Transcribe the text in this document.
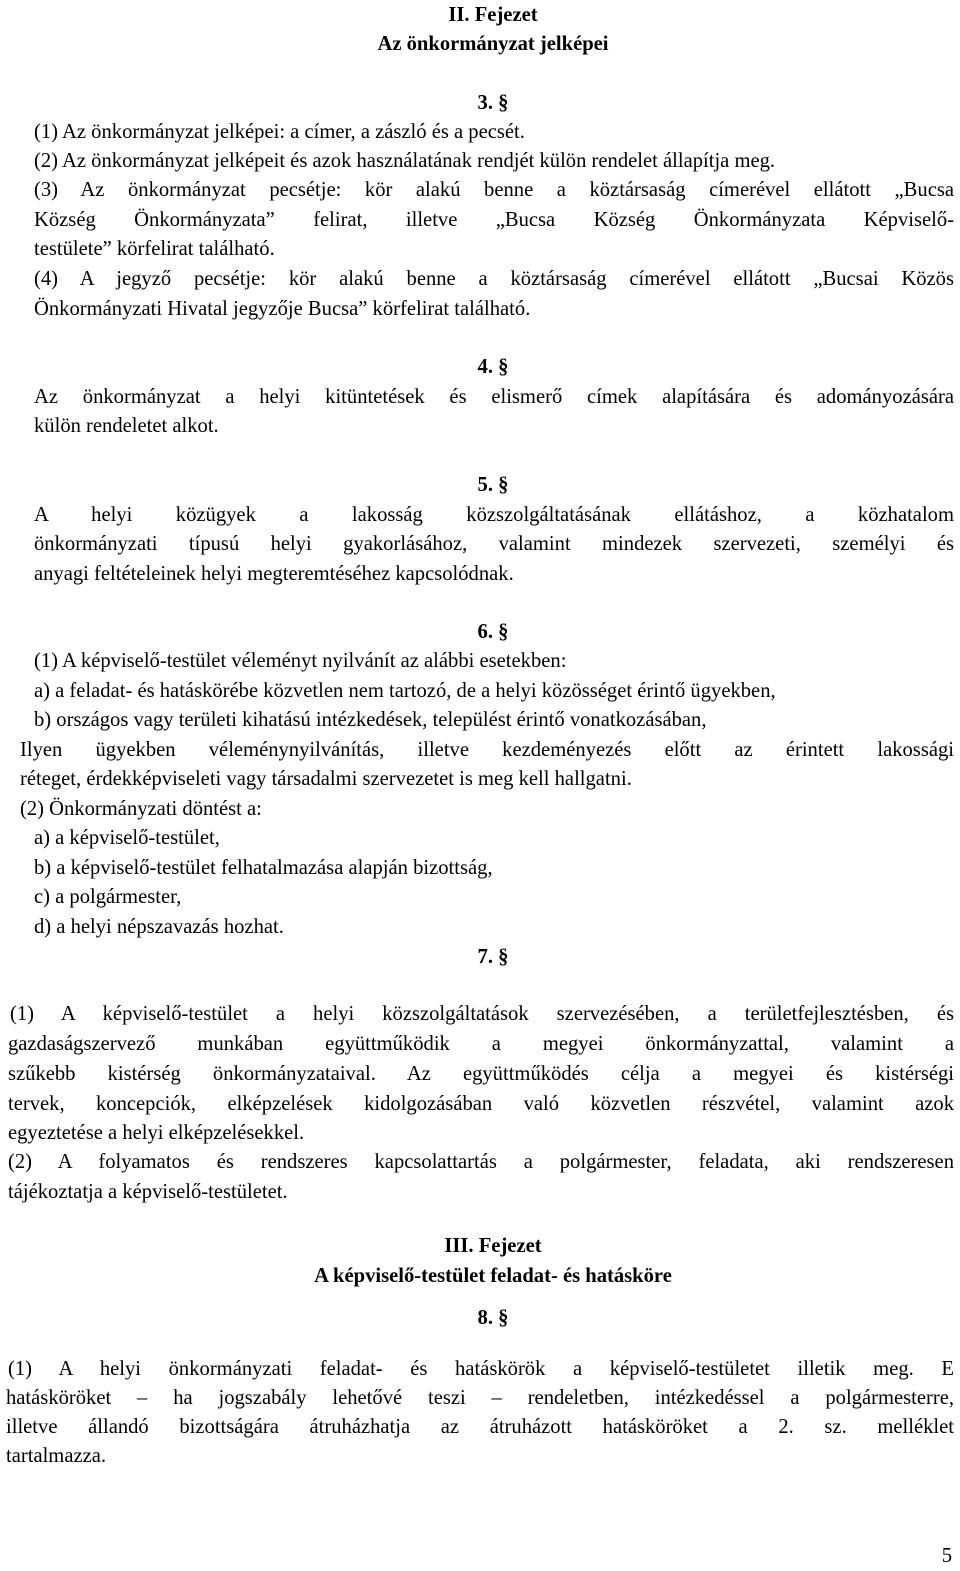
II. Fejezet
Az önkormányzat jelképei
3. §
(1) Az önkormányzat jelképei: a címer, a zászló és a pecsét.
(2) Az önkormányzat jelképeit és azok használatának rendjét külön rendelet állapítja meg.
(3) Az önkormányzat pecsétje: kör alakú benne a köztársaság címerével ellátott „Bucsa
Község Önkormányzata” felirat, illetve „Bucsa Község Önkormányzata Képviselő-
testülete” körfelirat található.
(4) A jegyző pecsétje: kör alakú benne a köztársaság címerével ellátott „Bucsai Közös
Önkormányzati Hivatal jegyzője Bucsa” körfelirat található.
4. §
Az önkormányzat a helyi kitüntetések és elismerő címek alapítására és adományozására
külön rendeletet alkot.
5. §
A helyi közügyek a lakosság közszolgáltatásának ellátáshoz, a közhatalom
önkormányzati típusú helyi gyakorlásához, valamint mindezek szervezeti, személyi és
anyagi feltételeinek helyi megteremtéséhez kapcsolódnak.
6. §
(1) A képviselő-testület véleményt nyilvánít az alábbi esetekben:
a) a feladat- és hatáskörébe közvetlen nem tartozó, de a helyi közösséget érintő ügyekben,
b) országos vagy területi kihatású intézkedések, települést érintő vonatkozásában,
Ilyen ügyekben véleménynyilvánítás, illetve kezdeményezés előtt az érintett lakossági
réteget, érdekképviseleti vagy társadalmi szervezetet is meg kell hallgatni.
(2) Önkormányzati döntést a:
a) a képviselő-testület,
b) a képviselő-testület felhatalmazása alapján bizottság,
c) a polgármester,
d) a helyi népszavazás hozhat.
7. §
(1) A képviselő-testület a helyi közszolgáltatások szervezésében, a területfejlesztésben, és
gazdaságszervező munkában együttműködik a megyei önkormányzattal, valamint a
szűkebb kistérség önkormányzataival. Az együttműködés célja a megyei és kistérségi
tervek, koncepciók, elképzelések kidolgozásában való közvetlen részvétel, valamint azok
egyeztetése a helyi elképzelésekkel.
(2) A folyamatos és rendszeres kapcsolattartás a polgármester, feladata, aki rendszeresen
tájékoztatja a képviselő-testületet.
III. Fejezet
A képviselő-testület feladat- és hatásköre
8. §
(1) A helyi önkormányzati feladat- és hatáskörök a képviselő-testületet illetik meg. E
hatásköröket – ha jogszabály lehetővé teszi – rendeletben, intézkedéssel a polgármesterre,
illetve állandó bizottságára átruházhatja az átruházott hatásköröket a 2. sz. melléklet
tartalmazza.
5
